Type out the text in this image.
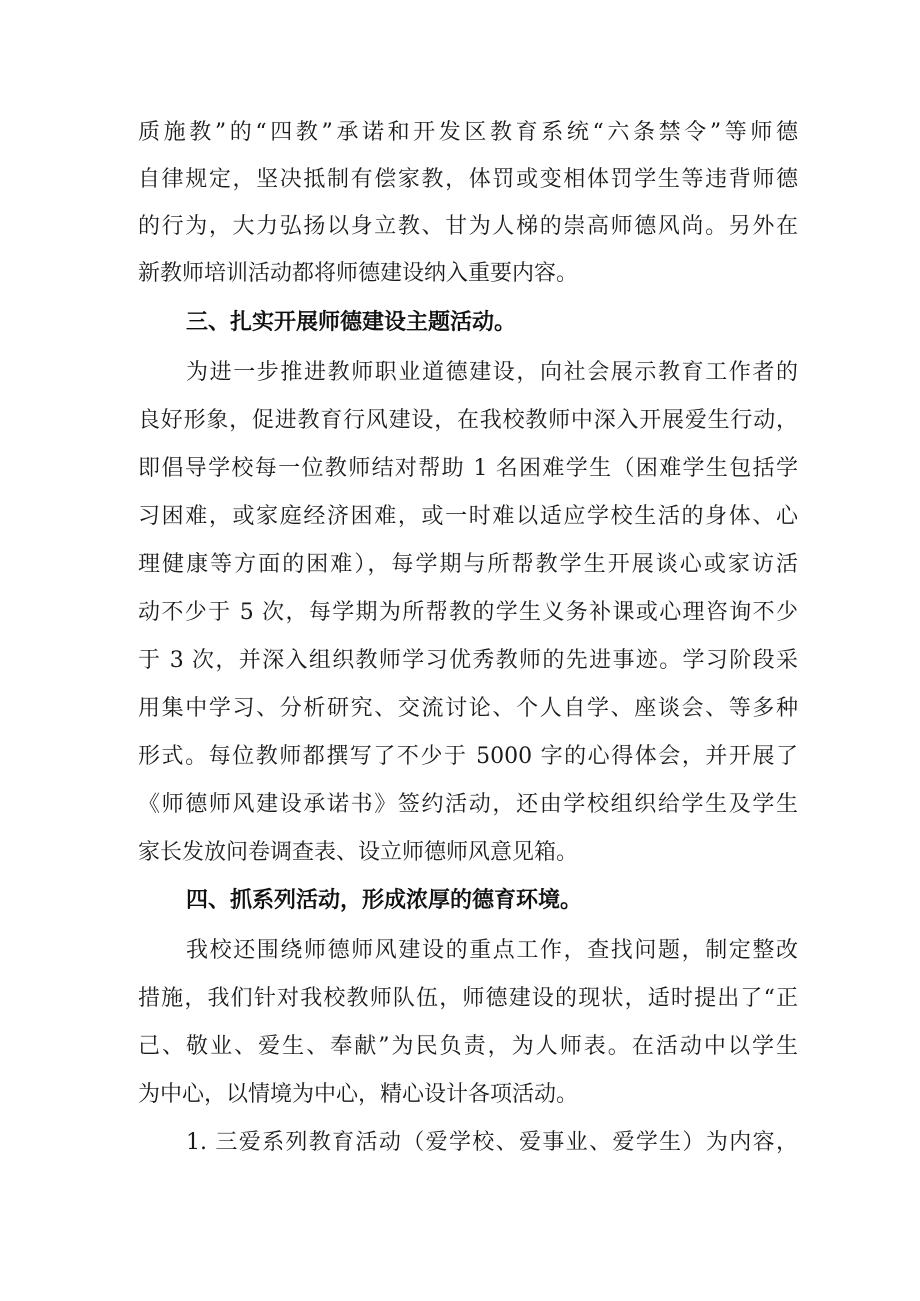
质施教”的“四教”承诺和开发区教育系统“六条禁令”等师德
自律规定，坚决抵制有偿家教，体罚或变相体罚学生等违背师德
的行为，大力弘扬以身立教、甘为人梯的崇高师德风尚。另外在
新教师培训活动都将师德建设纳入重要内容。
三、扎实开展师德建设主题活动。
为进一步推进教师职业道德建设，向社会展示教育工作者的
良好形象，促进教育行风建设，在我校教师中深入开展爱生行动，
即倡导学校每一位教师结对帮助 1 名困难学生（困难学生包括学
习困难，或家庭经济困难，或一时难以适应学校生活的身体、心
理健康等方面的困难），每学期与所帮教学生开展谈心或家访活
动不少于 5 次，每学期为所帮教的学生义务补课或心理咨询不少
于 3 次，并深入组织教师学习优秀教师的先进事迹。学习阶段采
用集中学习、分析研究、交流讨论、个人自学、座谈会、等多种
形式。每位教师都撰写了不少于 5000 字的心得体会，并开展了
《师德师风建设承诺书》签约活动，还由学校组织给学生及学生
家长发放问卷调查表、设立师德师风意见箱。
四、抓系列活动，形成浓厚的德育环境。
我校还围绕师德师风建设的重点工作，查找问题，制定整改
措施，我们针对我校教师队伍，师德建设的现状，适时提出了“正
己、敬业、爱生、奉献”为民负责，为人师表。在活动中以学生
为中心，以情境为中心，精心设计各项活动。
1. 三爱系列教育活动（爱学校、爱事业、爱学生）为内容，
